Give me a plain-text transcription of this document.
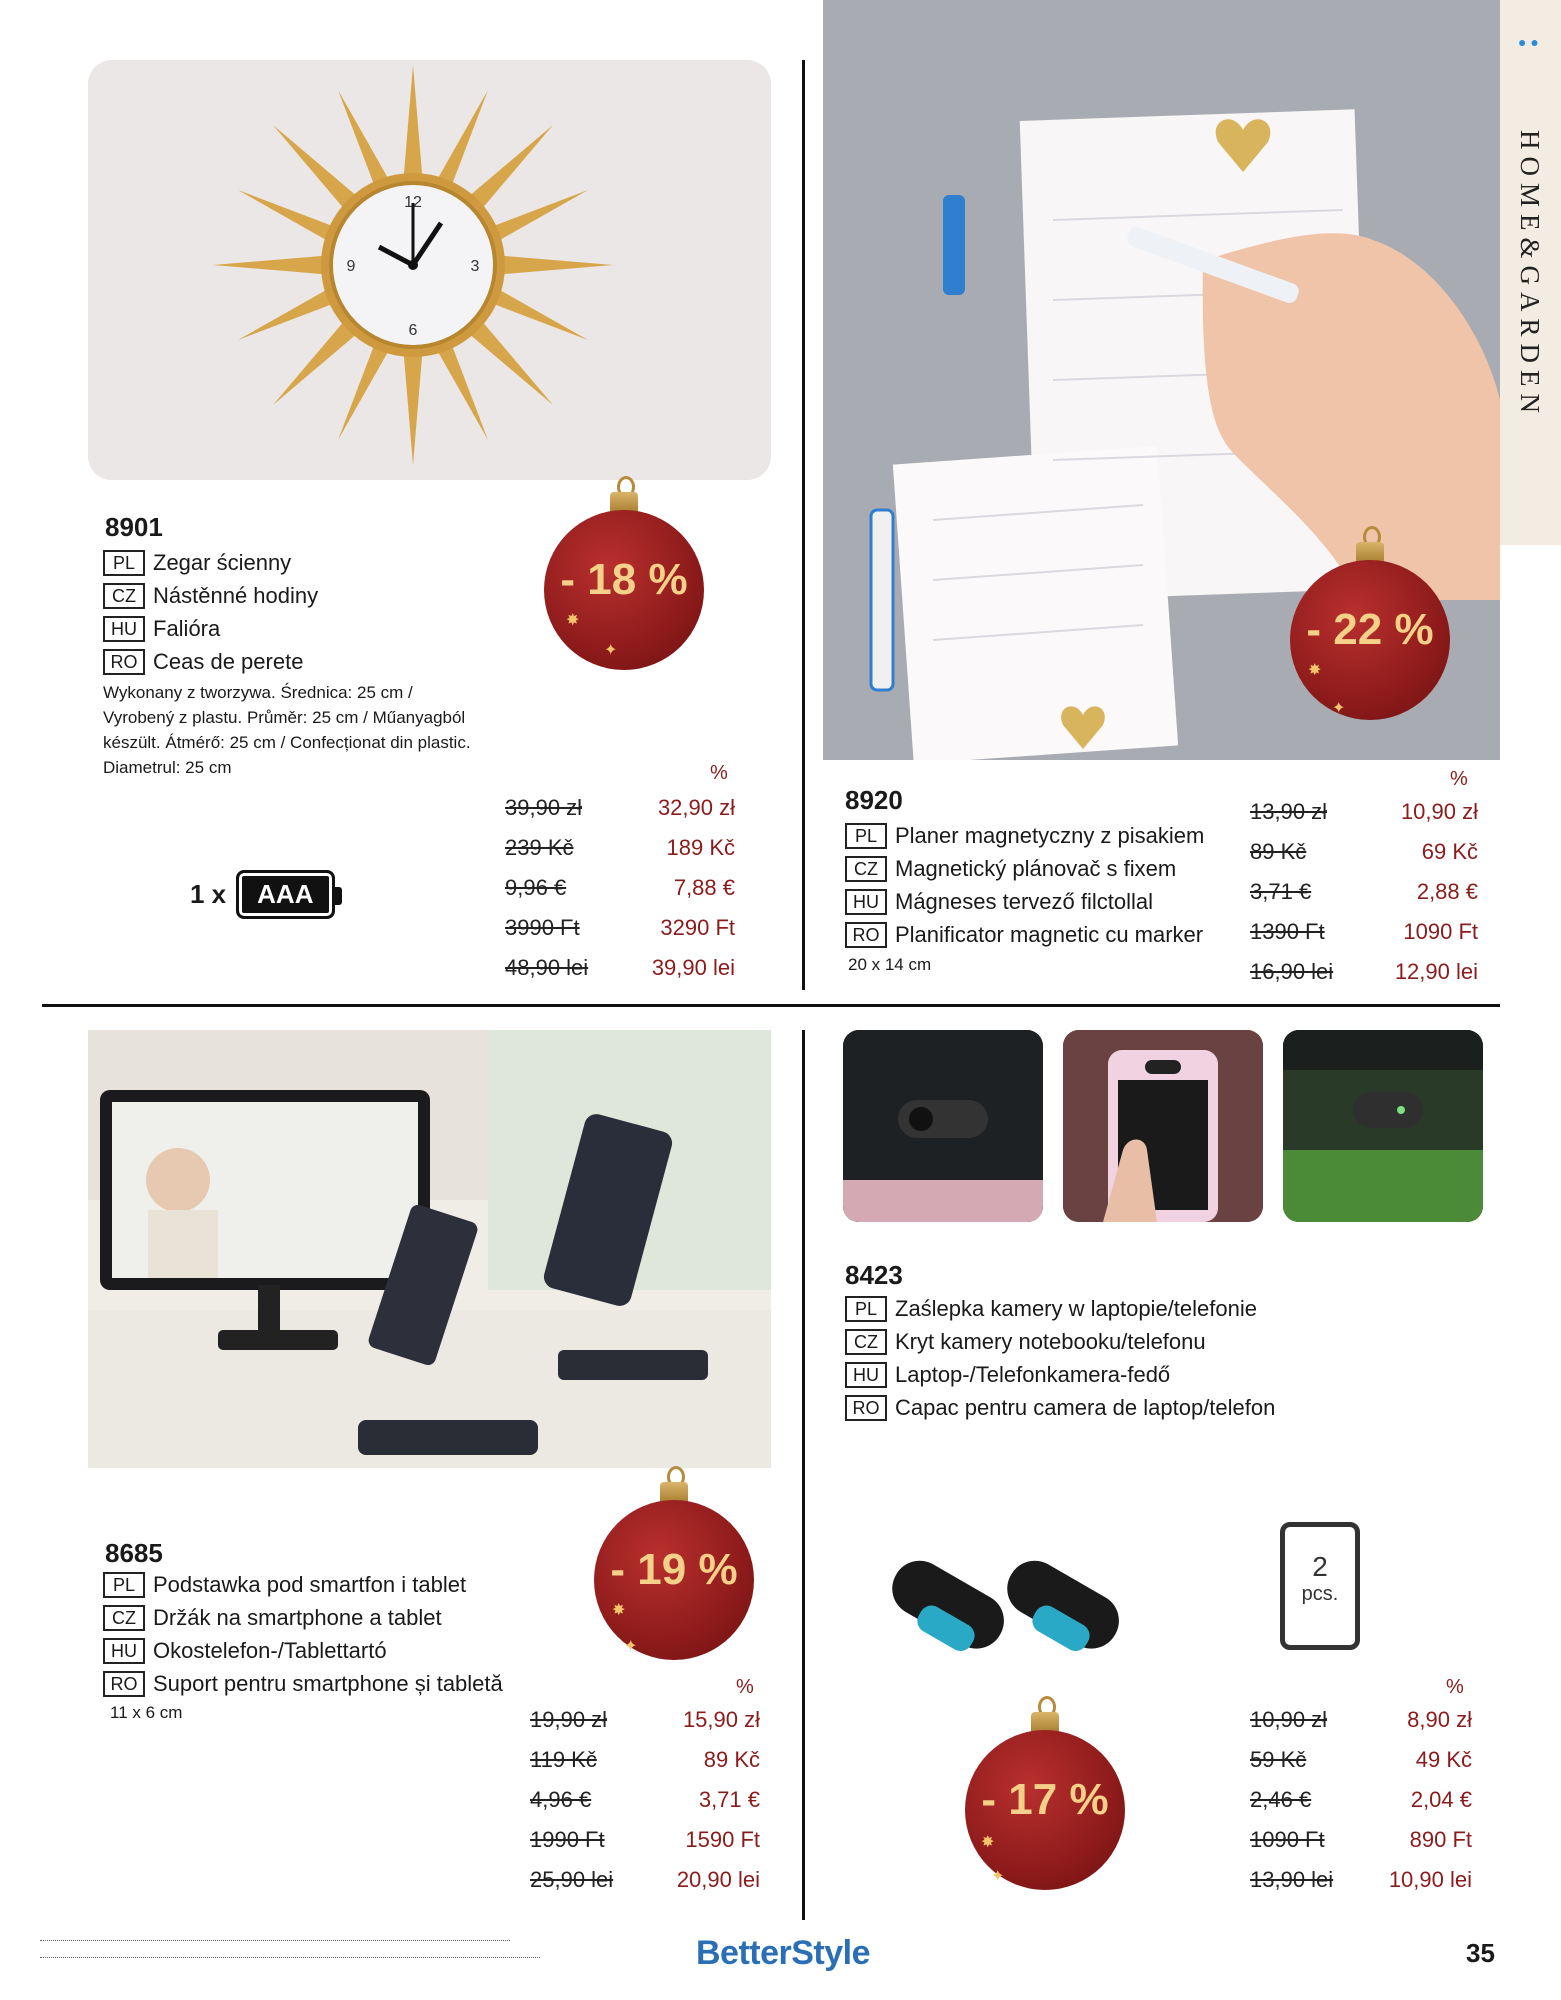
● ●
HOME&GARDEN
12
3
6
9
8901
PL Zegar ścienny
CZ Nástěnné hodiny
HU Falióra
RO Ceas de perete
Wykonany z tworzywa. Średnica: 25 cm / Vyrobený z plastu. Průměr: 25 cm / Műanyagból készült. Átmérő: 25 cm / Confecționat din plastic. Diametrul: 25 cm
- 18 %
✸
✦
1 x	AAA
%
39,90 zł	32,90 zł
239 Kč	189 Kč
9,96 €	7,88 €
3990 Ft	3290 Ft
48,90 lei	39,90 lei
8920
PL Planer magnetyczny z pisakiem
CZ Magnetický plánovač s fixem
HU Mágneses tervező filctollal
RO Planificator magnetic cu marker
20 x 14 cm
- 22 %
✸
✦
%
13,90 zł	10,90 zł
89 Kč	69 Kč
3,71 €	2,88 €
1390 Ft	1090 Ft
16,90 lei	12,90 lei
8685
PL Podstawka pod smartfon i tablet
CZ Držák na smartphone a tablet
HU Okostelefon-/Tablettartó
RO Suport pentru smartphone și tabletă
11 x 6 cm
- 19 %
✸
✦
%
19,90 zł	15,90 zł
119 Kč	89 Kč
4,96 €	3,71 €
1990 Ft	1590 Ft
25,90 lei	20,90 lei
8423
PL Zaślepka kamery w laptopie/telefonie
CZ Kryt kamery notebooku/telefonu
HU Laptop-/Telefonkamera-fedő
RO Capac pentru camera de laptop/telefon
2
pcs.
- 17 %
✸
✦
%
10,90 zł	8,90 zł
59 Kč	49 Kč
2,46 €	2,04 €
1090 Ft	890 Ft
13,90 lei	10,90 lei
BetterStyle	35
